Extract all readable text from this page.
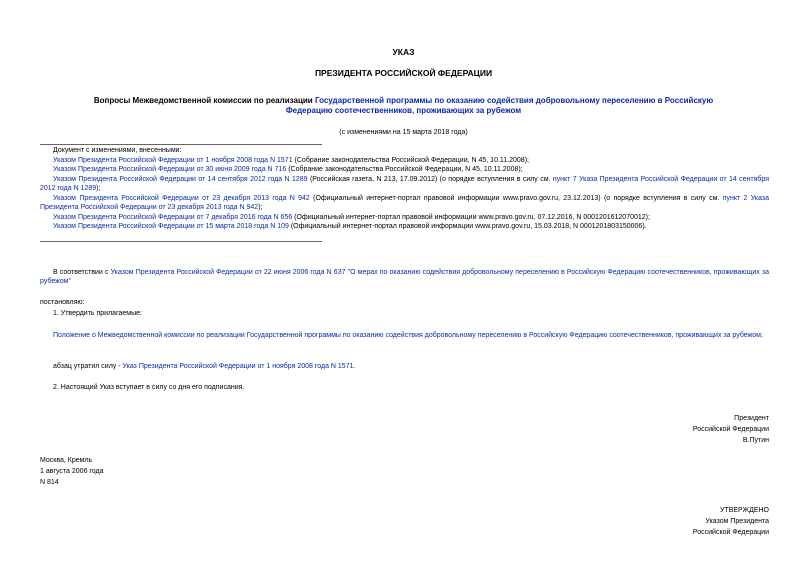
УКАЗ
ПРЕЗИДЕНТА РОССИЙСКОЙ ФЕДЕРАЦИИ
Вопросы Межведомственной комиссии по реализации Государственной программы по оказанию содействия добровольному переселению в Российскую
Федерацию соотечественников, проживающих за рубежом
(с изменениями на 15 марта 2018 года)
Документ с изменениями, внесенными:
Указом Президента Российской Федерации от 1 ноября 2008 года N 1571 (Собрание законодательства Российской Федерации, N 45, 10.11.2008);
Указом Президента Российской Федерации от 30 июня 2009 года N 716 (Собрание законодательства Российской Федерации, N 45, 10.11.2008);
Указом Президента Российской Федерации от 14 сентября 2012 года N 1289 (Российская газета, N 213, 17.09.2012) (о порядке вступления в силу см. пункт 7 Указа Президента Российской Федерации от 14 сентября 2012 года N 1289);
Указом Президента Российской Федерации от 23 декабря 2013 года N 942 (Официальный интернет-портал правовой информации www.pravo.gov.ru, 23.12.2013) (о порядке вступления в силу см. пункт 2 Указа Президента Российской Федерации от 23 декабря 2013 года N 942);
Указом Президента Российской Федерации от 7 декабря 2016 года N 656 (Официальный интернет-портал правовой информации www.pravo.gov.ru, 07.12.2016, N 0001201612070012);
Указом Президента Российской Федерации от 15 марта 2018 года N 109 (Официальный интернет-портал правовой информации www.pravo.gov.ru, 15.03.2018, N 0001201803150006).
В соответствии с Указом Президента Российской Федерации от 22 июня 2006 года N 637 "О мерах по оказанию содействия добровольному переселению в Российскую Федерацию соотечественников, проживающих за рубежом"
постановляю:
1. Утвердить прилагаемые:
Положение о Межведомственной комиссии по реализации Государственной программы по оказанию содействия добровольному переселению в Российскую Федерацию соотечественников, проживающих за рубежом;
абзац утратил силу - Указ Президента Российской Федерации от 1 ноября 2008 года N 1571.
2. Настоящий Указ вступает в силу со дня его подписания.
Президент
Российской Федерации
В.Путин
Москва, Кремль
1 августа 2006 года
N 814
УТВЕРЖДЕНО
Указом Президента
Российской Федерации
